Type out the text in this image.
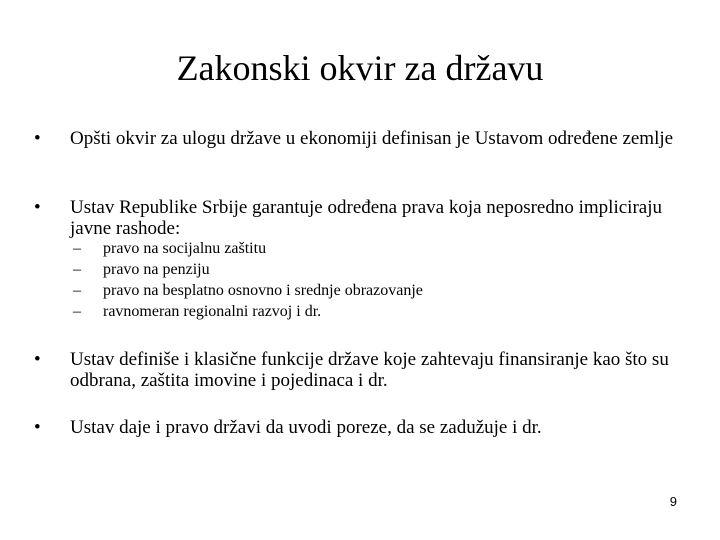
Zakonski okvir za državu
• Opšti okvir za ulogu države u ekonomiji definisan je Ustavom određene zemlje
• Ustav Republike Srbije garantuje određena prava koja neposredno impliciraju javne rashode:
– pravo na socijalnu zaštitu
– pravo na penziju
– pravo na besplatno osnovno i srednje obrazovanje
– ravnomeran regionalni razvoj i dr.
• Ustav definiše i klasične funkcije države koje zahtevaju finansiranje kao što su odbrana, zaštita imovine i pojedinaca i dr.
• Ustav daje i pravo državi da uvodi poreze, da se zadužuje i dr.
9
